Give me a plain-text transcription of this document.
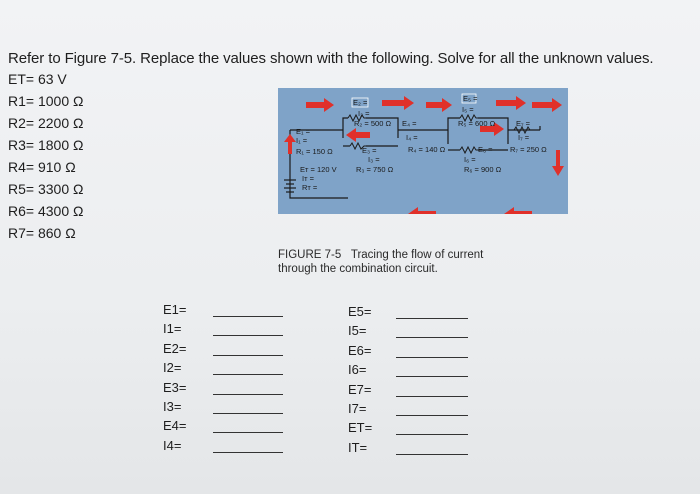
Refer to Figure 7-5. Replace the values shown with the following. Solve for all the unknown values.
ET= 63 V
R1= 1000 Ω
R2= 2200 Ω
R3= 1800 Ω
R4= 910 Ω
R5= 3300 Ω
R6= 4300 Ω
R7= 860 Ω
E₂ =
I₂ =
R₂ = 500 Ω E₄ =
E₅ =
I₅ =
R₅ = 600 Ω	E₇ =
E₁ =
I₁ =
E₃ =
I₄ =
R₄ = 140 Ω	E₆ =
I₇ =
R₇ = 250 Ω
R₁ = 150 Ω
I₃ =	I₆ =
Eᴛ = 120 V	R₃ = 750 Ω	R₆ = 900 Ω
Iᴛ =
Rᴛ =
FIGURE 7-5 Tracing the flow of current
through the combination circuit.
E1=
I1=
E2=
I2=
E3=
I3=
E4=
I4=
E5=
I5=
E6=
I6=
E7=
I7=
ET=
IT=
